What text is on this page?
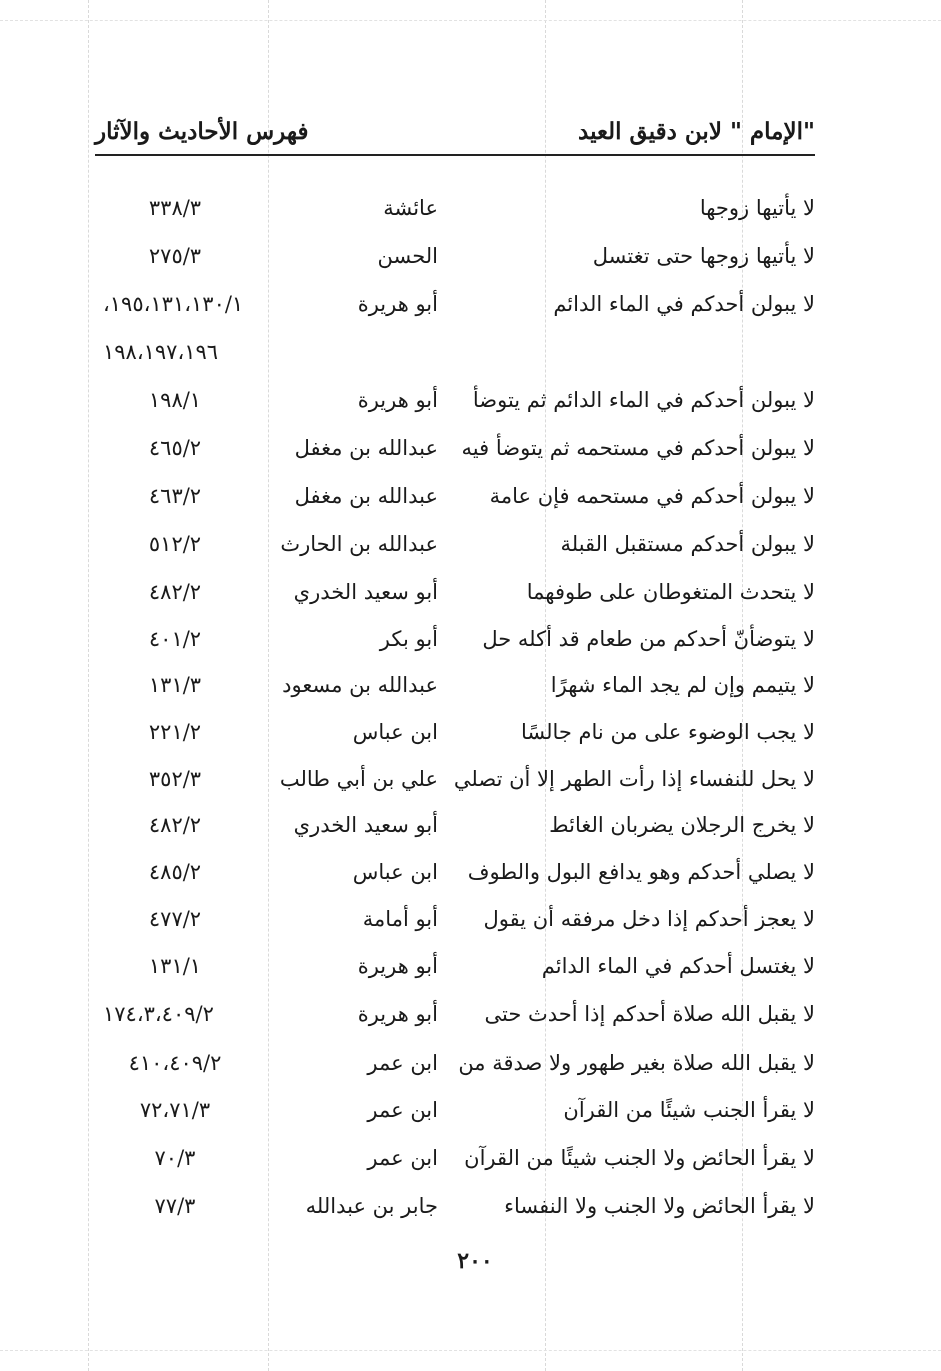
"الإمام " لابن دقيق العيد
فهرس الأحاديث والآثار
لا يأتيها زوجها
عائشة
٣٣٨/٣
لا يأتيها زوجها حتى تغتسل
الحسن
٢٧٥/٣
لا يبولن أحدكم في الماء الدائم
أبو هريرة
١٩٥،١٣١،١٣٠/١،
١٩٨،١٩٧،١٩٦
لا يبولن أحدكم في الماء الدائم ثم يتوضأ
أبو هريرة
١٩٨/١
لا يبولن أحدكم في مستحمه ثم يتوضأ فيه
عبدالله بن مغفل
٤٦٥/٢
لا يبولن أحدكم في مستحمه فإن عامة
عبدالله بن مغفل
٤٦٣/٢
لا يبولن أحدكم مستقبل القبلة
عبدالله بن الحارث
٥١٢/٢
لا يتحدث المتغوطان على طوفهما
أبو سعيد الخدري
٤٨٢/٢
لا يتوضأنّ أحدكم من طعام قد أكله حل
أبو بكر
٤٠١/٢
لا يتيمم وإن لم يجد الماء شهرًا
عبدالله بن مسعود
١٣١/٣
لا يجب الوضوء على من نام جالسًا
ابن عباس
٢٢١/٢
لا يحل للنفساء إذا رأت الطهر إلا أن تصلي
علي بن أبي طالب
٣٥٢/٣
لا يخرج الرجلان يضربان الغائط
أبو سعيد الخدري
٤٨٢/٢
لا يصلي أحدكم وهو يدافع البول والطوف
ابن عباس
٤٨٥/٢
لا يعجز أحدكم إذا دخل مرفقه أن يقول
أبو أمامة
٤٧٧/٢
لا يغتسل أحدكم في الماء الدائم
أبو هريرة
١٣١/١
لا يقبل الله صلاة أحدكم إذا أحدث حتى
أبو هريرة
١٧٤،٣،٤٠٩/٢
لا يقبل الله صلاة بغير طهور ولا صدقة من
ابن عمر
٤١٠،٤٠٩/٢
لا يقرأ الجنب شيئًا من القرآن
ابن عمر
٧٢،٧١/٣
لا يقرأ الحائض ولا الجنب شيئًا من القرآن
ابن عمر
٧٠/٣
لا يقرأ الحائض ولا الجنب ولا النفساء
جابر بن عبدالله
٧٧/٣
٢٠٠
